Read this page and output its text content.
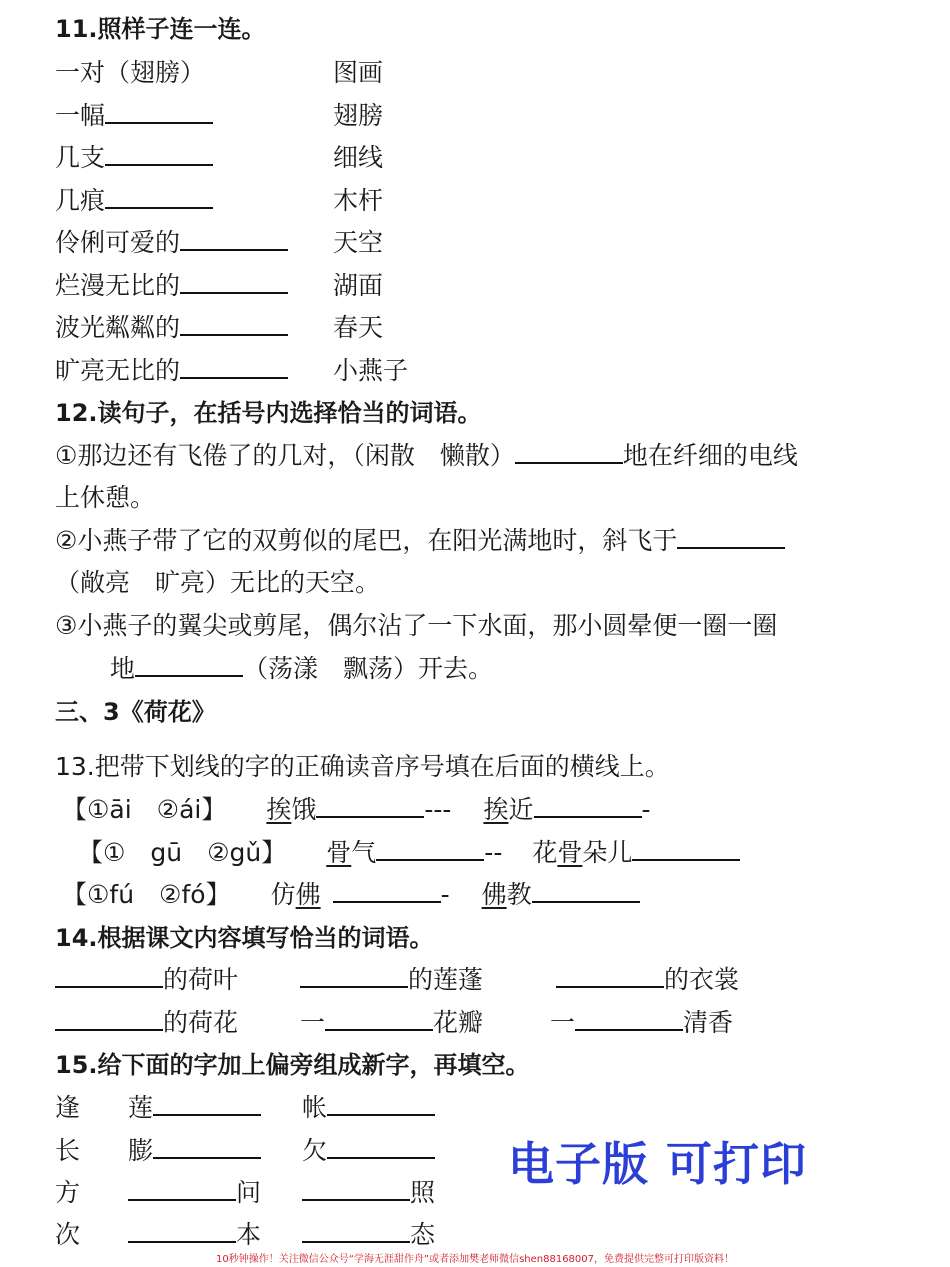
11.照样子连一连。
一对（翅膀）
一幅
几支
几痕
伶俐可爱的
烂漫无比的
波光粼粼的
旷亮无比的
图画
翅膀
细线
木杆
天空
湖面
春天
小燕子
12.读句子，在括号内选择恰当的词语。
①那边还有飞倦了的几对，（闲散　懒散）	地在纤细的电线
上休憩。
②小燕子带了它的双剪似的尾巴，在阳光满地时，斜飞于
（敞亮　旷亮）无比的天空。
③小燕子的翼尖或剪尾，偶尔沾了一下水面，那小圆晕便一圈一圈
地	（荡漾　飘荡）开去。
三、3《荷花》
13.把带下划线的字的正确读音序号填在后面的横线上。
【①āi　②ái】 挨饿	--- 挨近	-
【①　gū　②gǔ】 骨气	-- 花骨朵儿
【①fú　②fó】 仿佛	- 佛教
14.根据课文内容填写恰当的词语。
的荷叶	的莲蓬	的衣裳
的荷花 一	花瓣	一	清香
15.给下面的字加上偏旁组成新字，再填空。
逢 莲	帐
长 膨	欠
方	问	照
次	本	态
电子版 可打印
10秒钟操作！关注微信公众号“学海无涯甜作舟”或者添加樊老师微信shen88168007，免费提供完整可打印版资料！
